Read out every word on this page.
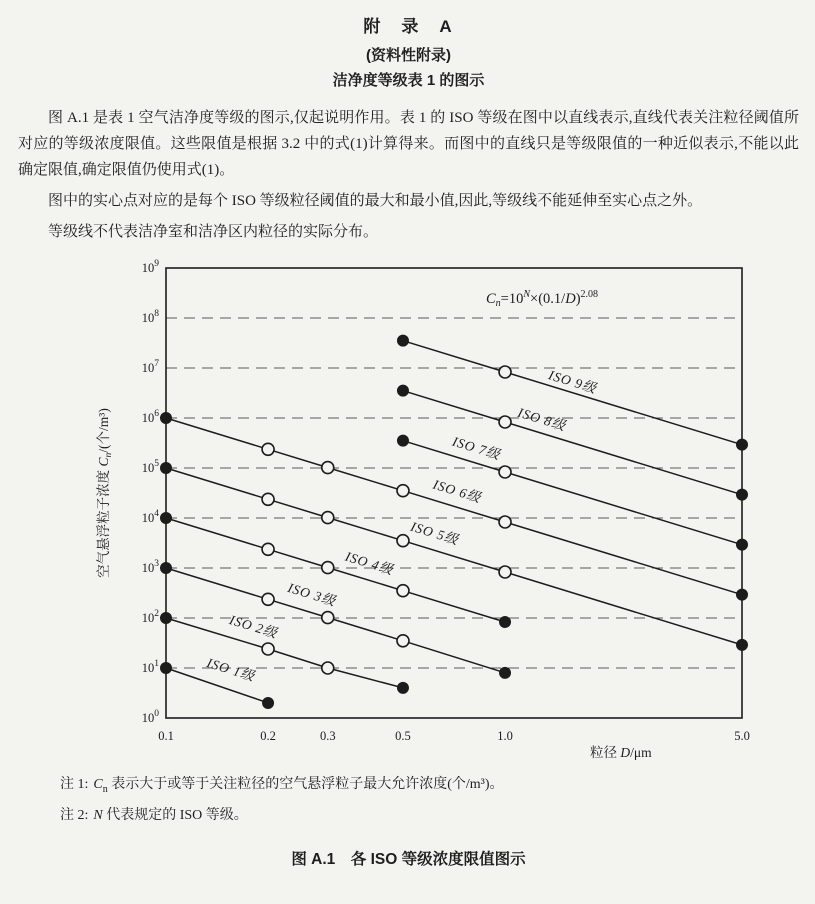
附　录　A
(资料性附录)
洁净度等级表 1 的图示

图 A.1 是表 1 空气洁净度等级的图示,仅起说明作用。表 1 的 ISO 等级在图中以直线表示,直线代表关注粒径阈值所对应的等级浓度限值。这些限值是根据 3.2 中的式(1)计算得来。而图中的直线只是等级限值的一种近似表示,不能以此确定限值,确定限值仍使用式(1)。

图中的实心点对应的是每个 ISO 等级粒径阈值的最大和最小值,因此,等级线不能延伸至实心点之外。

等级线不代表洁净室和洁净区内粒径的实际分布。

$10^0$
$10^1$
$10^2$
$10^3$
$10^4$
$10^5$
$10^6$
$10^7$
$10^8$
$10^9$
0.1	0.2	0.3	0.5	1.0	5.0
ISO 1级
ISO 2级
ISO 3级
ISO 4级
ISO 5级
ISO 6级
ISO 7级
ISO 8级
ISO 9级
$C_n=10^N\times(0.1/D)^{2.08}$
粒径 D/μm
空气悬浮粒子浓度 $C_n/$(个/m³)

注 1: $C_n$ 表示大于或等于关注粒径的空气悬浮粒子最大允许浓度(个/m³)。

注 2: N 代表规定的 ISO 等级。

图 A.1　各 ISO 等级浓度限值图示
